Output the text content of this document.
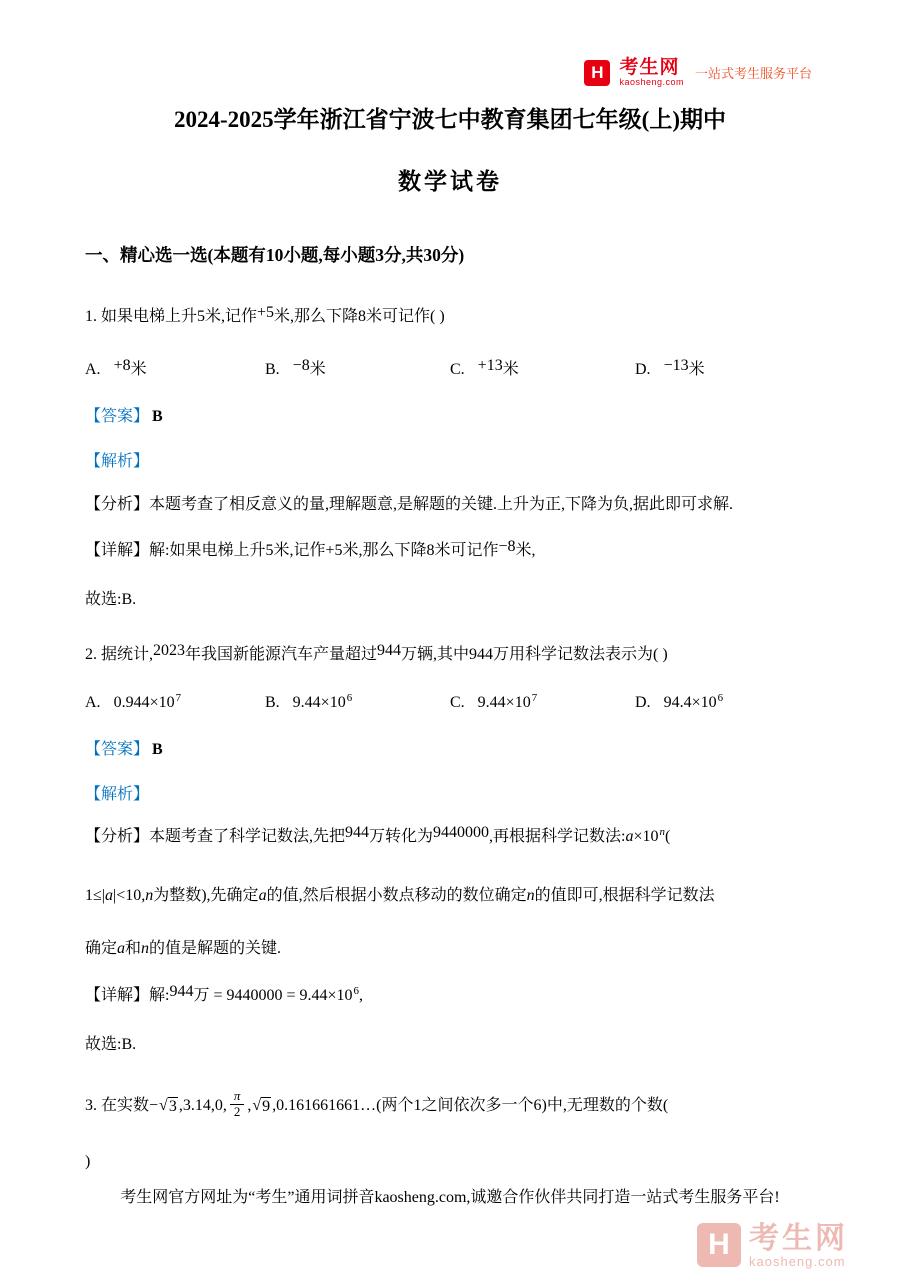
H 考生网
kaosheng.com
一站式考生服务平台
2024-2025学年浙江省宁波七中教育集团七年级(上)期中
数学试卷
一、精心选一选(本题有10小题,每小题3分,共30分)

1. 如果电梯上升5米,记作+5米,那么下降8米可记作( )

A. +8米	B. −8米	C. +13米	D. −13米

【答案】 B

【解析】

【分析】本题考查了相反意义的量,理解题意,是解题的关键.上升为正,下降为负,据此即可求解.

【详解】解:如果电梯上升5米,记作+5米,那么下降8米可记作−8米,

故选:B.

2. 据统计,2023年我国新能源汽车产量超过944万辆,其中944万用科学记数法表示为( )

A. $0.944\times 10^7$	B. $9.44\times 10^6$	C. $9.44\times 10^7$	D. $94.4\times 10^6$

【答案】 B

【解析】

【分析】本题考查了科学记数法,先把944万转化为9440000,再根据科学记数法$:a\times 10^n$(

1≤|a|<10,n为整数),先确定a的值,然后根据小数点移动的数位确定n的值即可,根据科学记数法

确定a和n的值是解题的关键.

【详解】解:944万 = $9440000 = 9.44\times 10^6$,

故选:B.

3. 在实数−√3 ,3.14,0, $\frac{\pi}{2} ,√9$ ,0.161661661…(两个1之间依次多一个6)中,无理数的个数(

)

考生网官方网址为“考生”通用词拼音kaosheng.com,诚邀合作伙伴共同打造一站式考生服务平台!
H 考生网
kaosheng.com
